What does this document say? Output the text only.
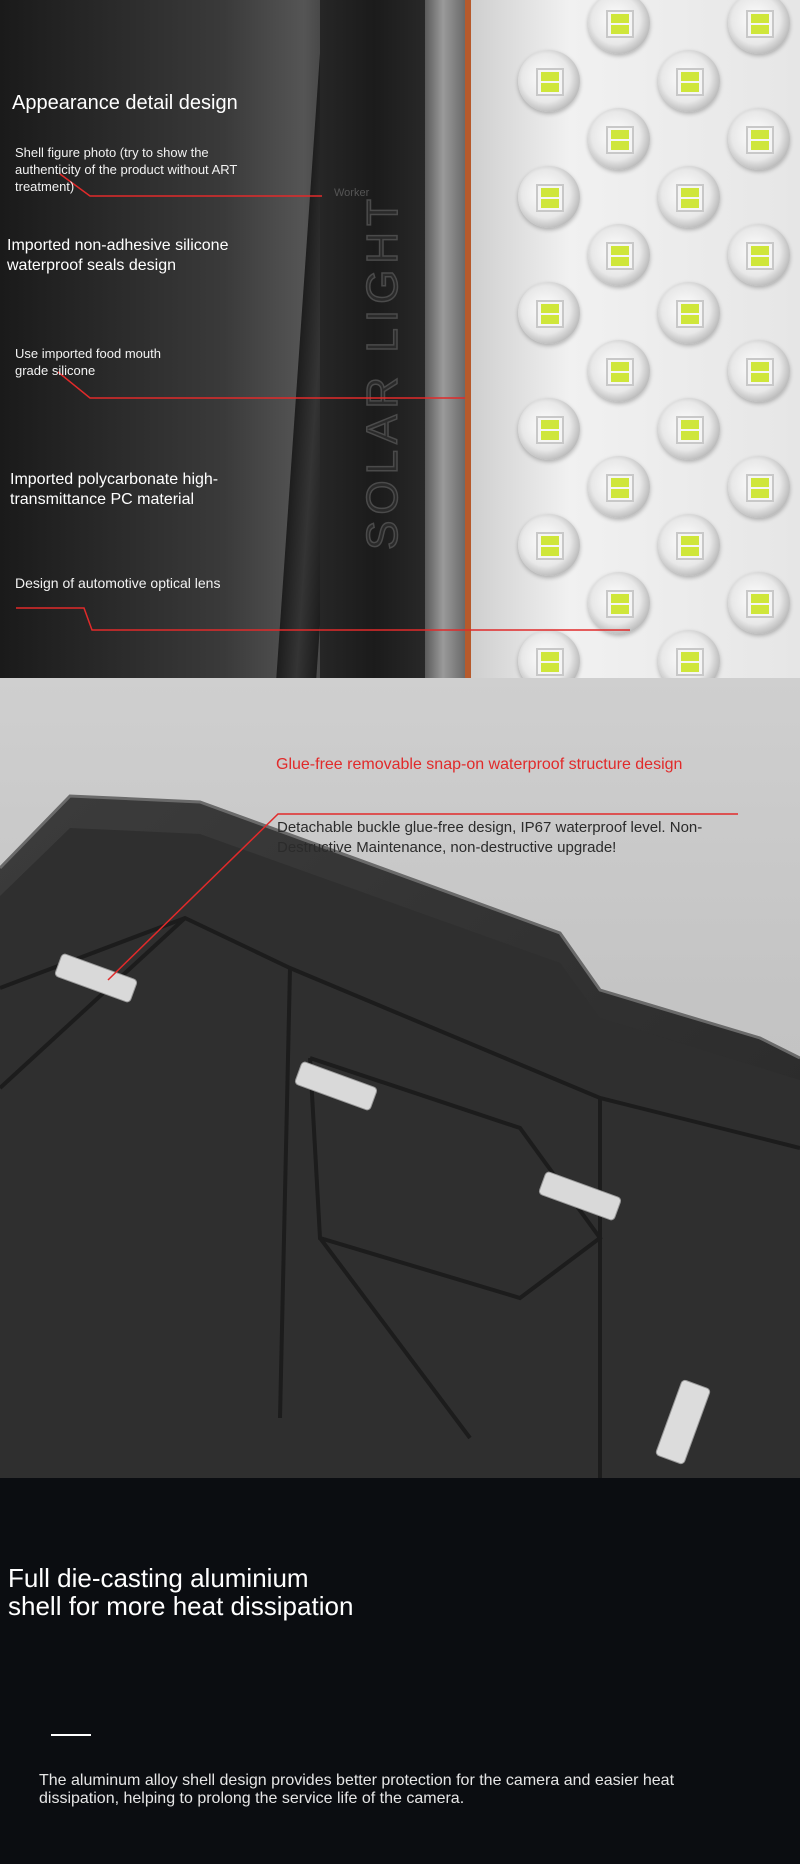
SOLAR LIGHT
Appearance detail design
Shell figure photo (try to show the authenticity of the product without ART treatment)	Worker
Imported non-adhesive silicone waterproof seals design
Use imported food mouth grade silicone
Imported polycarbonate high-transmittance PC material
Design of automotive optical lens
Glue-free removable snap-on waterproof structure design
Detachable buckle glue-free design, IP67 waterproof level. Non-Destructive Maintenance, non-destructive upgrade!
Full die-casting aluminium
shell for more heat dissipation
The aluminum alloy shell design provides better protection for the camera and easier heat dissipation, helping to prolong the service life of the camera.
